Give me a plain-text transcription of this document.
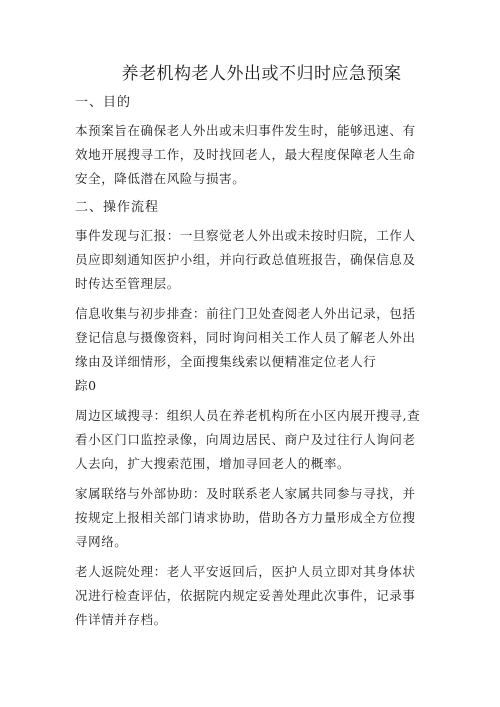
养老机构老人外出或不归时应急预案
一、目的

本预案旨在确保老人外出或未归事件发生时，能够迅速、有
效地开展搜寻工作，及时找回老人，最大程度保障老人生命
安全，降低潜在风险与损害。

二、操作流程

事件发现与汇报：一旦察觉老人外出或未按时归院，工作人
员应即刻通知医护小组，并向行政总值班报告，确保信息及
时传达至管理层。

信息收集与初步排查：前往门卫处查阅老人外出记录，包括
登记信息与摄像资料，同时询问相关工作人员了解老人外出
缘由及详细情形，全面搜集线索以便精准定位老人行
踪0

周边区域搜寻：组织人员在养老机构所在小区内展开搜寻,查
看小区门口监控录像，向周边居民、商户及过往行人询问老
人去向，扩大搜索范围，增加寻回老人的概率。

家属联络与外部协助：及时联系老人家属共同参与寻找，并
按规定上报相关部门请求协助，借助各方力量形成全方位搜
寻网络。

老人返院处理：老人平安返回后，医护人员立即对其身体状
况进行检查评估，依据院内规定妥善处理此次事件，记录事
件详情并存档。
